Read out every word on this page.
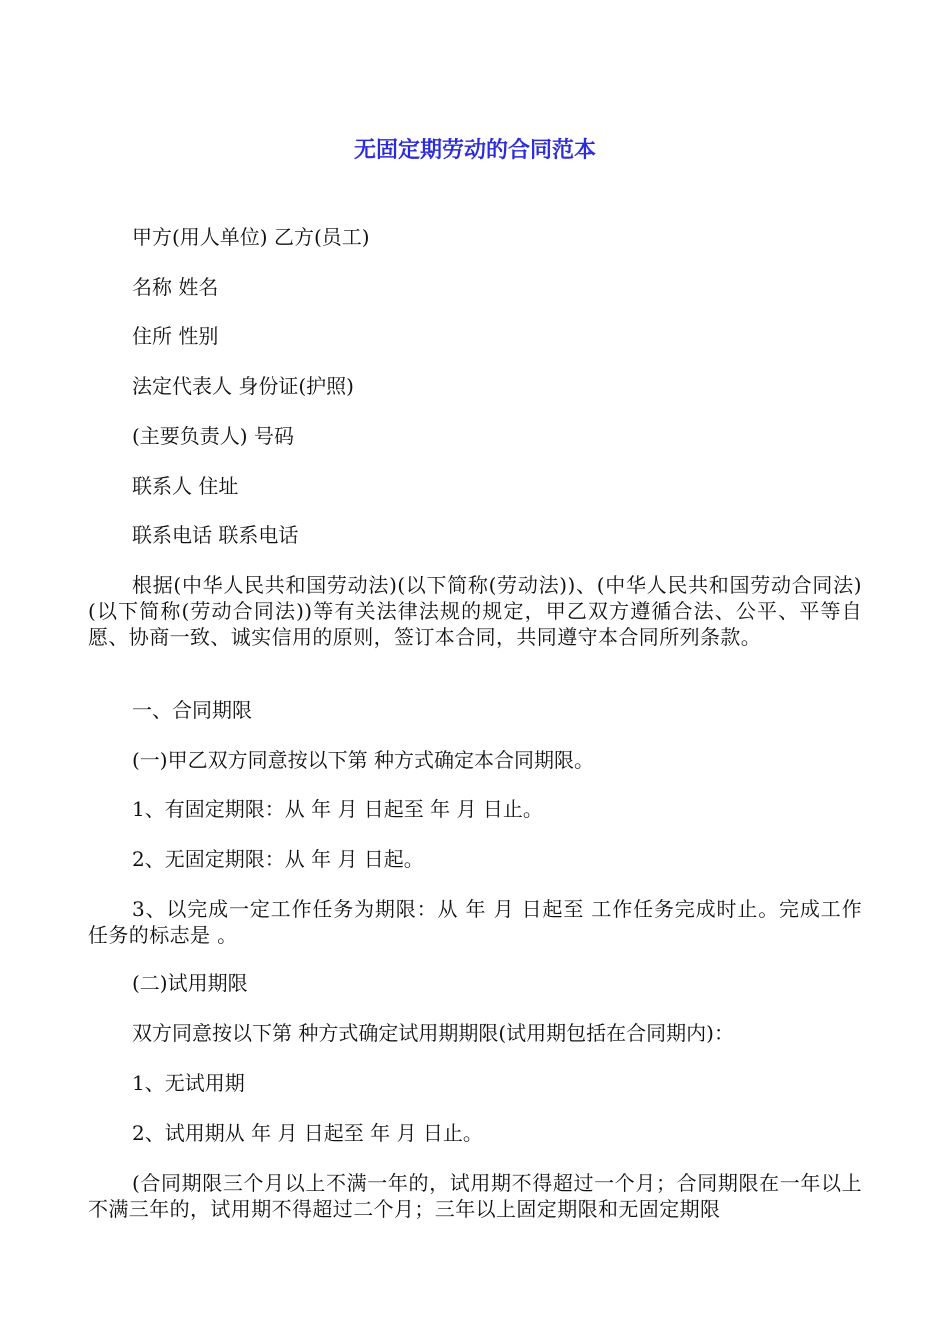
无固定期劳动的合同范本

甲方(用人单位) 乙方(员工)

名称 姓名

住所 性别

法定代表人 身份证(护照)

(主要负责人) 号码

联系人 住址

联系电话 联系电话

根据(中华人民共和国劳动法)(以下简称(劳动法))、(中华人民共和国劳动合同法)(以下简称(劳动合同法))等有关法律法规的规定，甲乙双方遵循合法、公平、平等自愿、协商一致、诚实信用的原则，签订本合同，共同遵守本合同所列条款。

一、合同期限

(一)甲乙双方同意按以下第 种方式确定本合同期限。

1、有固定期限：从 年 月 日起至 年 月 日止。

2、无固定期限：从 年 月 日起。

3、以完成一定工作任务为期限：从 年 月 日起至 工作任务完成时止。完成工作任务的标志是 。

(二)试用期限

双方同意按以下第 种方式确定试用期期限(试用期包括在合同期内)：

1、无试用期

2、试用期从 年 月 日起至 年 月 日止。

(合同期限三个月以上不满一年的，试用期不得超过一个月；合同期限在一年以上不满三年的，试用期不得超过二个月；三年以上固定期限和无固定期限
